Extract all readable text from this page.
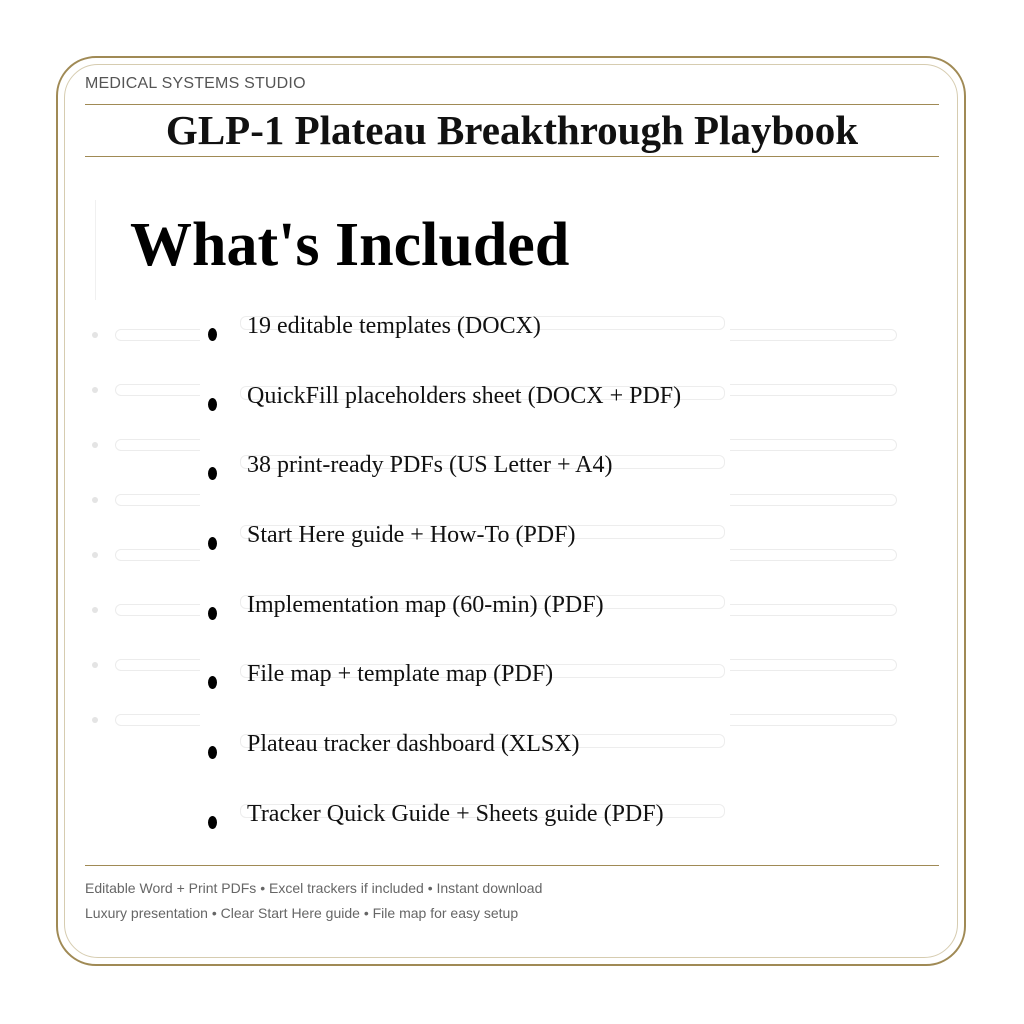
MEDICAL SYSTEMS STUDIO
GLP-1 Plateau Breakthrough Playbook
What's Included
19 editable templates (DOCX)
QuickFill placeholders sheet (DOCX + PDF)
38 print-ready PDFs (US Letter + A4)
Start Here guide + How-To (PDF)
Implementation map (60-min) (PDF)
File map + template map (PDF)
Plateau tracker dashboard (XLSX)
Tracker Quick Guide + Sheets guide (PDF)
Editable Word + Print PDFs • Excel trackers if included • Instant download
Luxury presentation • Clear Start Here guide • File map for easy setup
